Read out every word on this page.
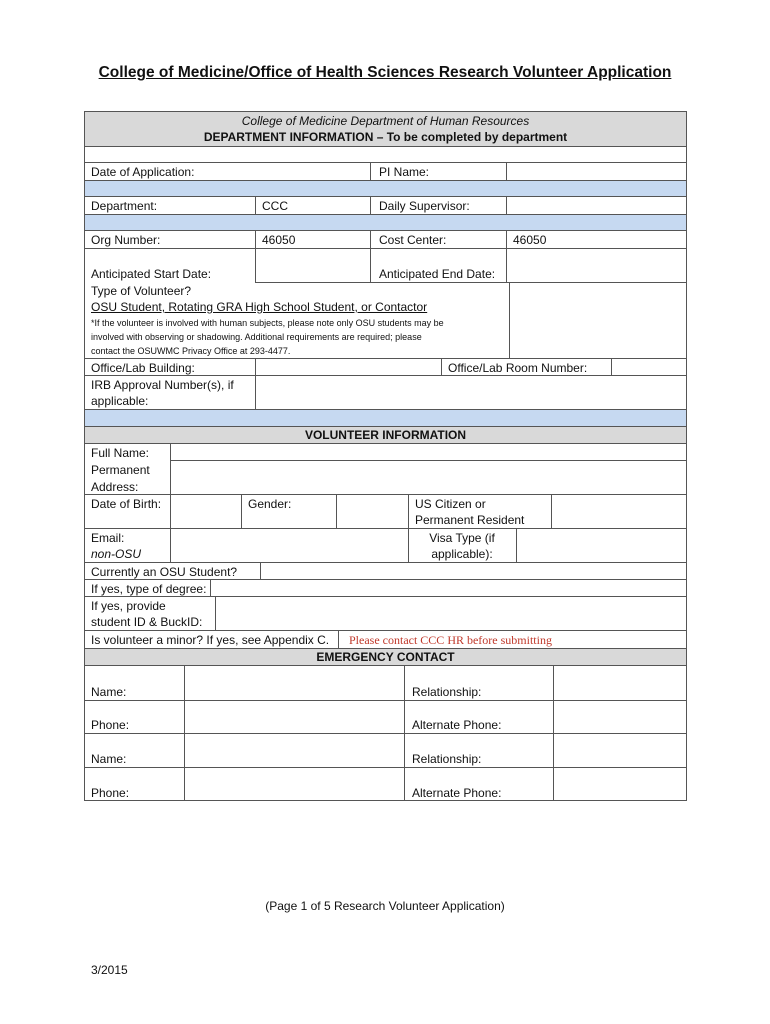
College of Medicine/Office of Health Sciences Research Volunteer Application
College of Medicine Department of Human Resources
DEPARTMENT INFORMATION – To be completed by department
Date of Application:	PI Name:
Department:	CCC	Daily Supervisor:
Org Number:	46050	Cost Center:	46050
Anticipated Start Date:	Anticipated End Date:
Type of Volunteer?
OSU Student, Rotating GRA High School Student, or Contactor
*If the volunteer is involved with human subjects, please note only OSU students may be
involved with observing or shadowing. Additional requirements are required; please
contact the OSUWMC Privacy Office at 293-4477.
Office/Lab Building:	Office/Lab Room Number:
IRB Approval Number(s), if
applicable:
VOLUNTEER INFORMATION
Full Name:
Permanent
Address:
Date of Birth:	Gender:	US Citizen or
Permanent Resident
Email:
non-OSU
Visa Type (if
applicable):
Currently an OSU Student?
If yes, type of degree:
If yes, provide
student ID & BuckID:
Is volunteer a minor? If yes, see Appendix C. Please contact CCC HR before submitting
EMERGENCY CONTACT
Name:	Relationship:
Phone:	Alternate Phone:
Name:	Relationship:
Phone:	Alternate Phone:
(Page 1 of 5 Research Volunteer Application)
3/2015
